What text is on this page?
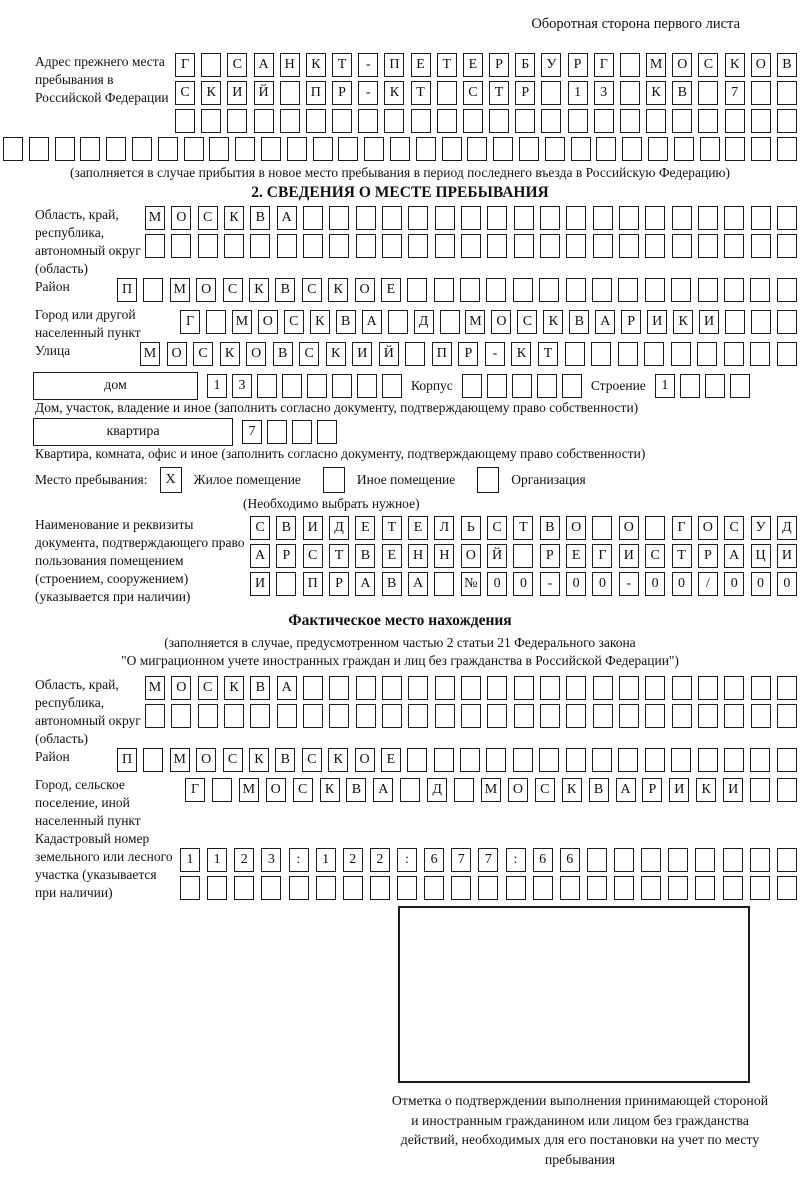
Оборотная сторона первого листа
Адрес прежнего места пребывания в Российской Федерации
Г	С	А	Н	К	Т	-	П	Е	Т	Е	Р	Б	У	Р	Г	М	О	С	К	О	В
С	К	И	Й	П	Р	-	К	Т	С	Т	Р	1	3	К	В	7
(заполняется в случае прибытия в новое место пребывания в период последнего въезда в Российскую Федерацию)
2. СВЕДЕНИЯ О МЕСТЕ ПРЕБЫВАНИЯ
Область, край, республика, автономный округ (область)
М	О	С	К	В	А
Район	П	М	О	С	К	В	С	К	О	Е
Город или другой населенный пункт
Г	М	О	С	К	В	А	Д	М	О	С	К	В	А	Р	И	К	И
Улица	М	О	С	К	О	В	С	К	И	Й	П	Р	-	К	Т
дом	1	3	Корпус	Строение	1
Дом, участок, владение и иное (заполнить согласно документу, подтверждающему право собственности)
квартира	7
Квартира, комната, офис и иное (заполнить согласно документу, подтверждающему право собственности)
Место пребывания:	X	Жилое помещение	Иное помещение	Организация
(Необходимо выбрать нужное)
Наименование и реквизиты документа, подтверждающего право пользования помещением (строением, сооружением) (указывается при наличии)
С	В	И	Д	Е	Т	Е	Л	Ь	С	Т	В	О	О	Г	О	С	У	Д
А	Р	С	Т	В	Е	Н	Н	О	Й	Р	Е	Г	И	С	Т	Р	А	Ц	И
И	П	Р	А	В	А	№	0	0	-	0	0	-	0	0	/	0	0	0
Фактическое место нахождения
(заполняется в случае, предусмотренном частью 2 статьи 21 Федерального закона
"О миграционном учете иностранных граждан и лиц без гражданства в Российской Федерации")
Область, край, республика, автономный округ (область)
М	О	С	К	В	А
Район	П	М	О	С	К	В	С	К	О	Е
Город, сельское поселение, иной населенный пункт
Г	М	О	С	К	В	А	Д	М	О	С	К	В	А	Р	И	К	И
Кадастровый номер земельного или лесного участка (указывается при наличии)
1	1	2	3	:	1	2	2	:	6	7	7	:	6	6
Отметка о подтверждении выполнения принимающей стороной и иностранным гражданином или лицом без гражданства действий, необходимых для его постановки на учет по месту пребывания
